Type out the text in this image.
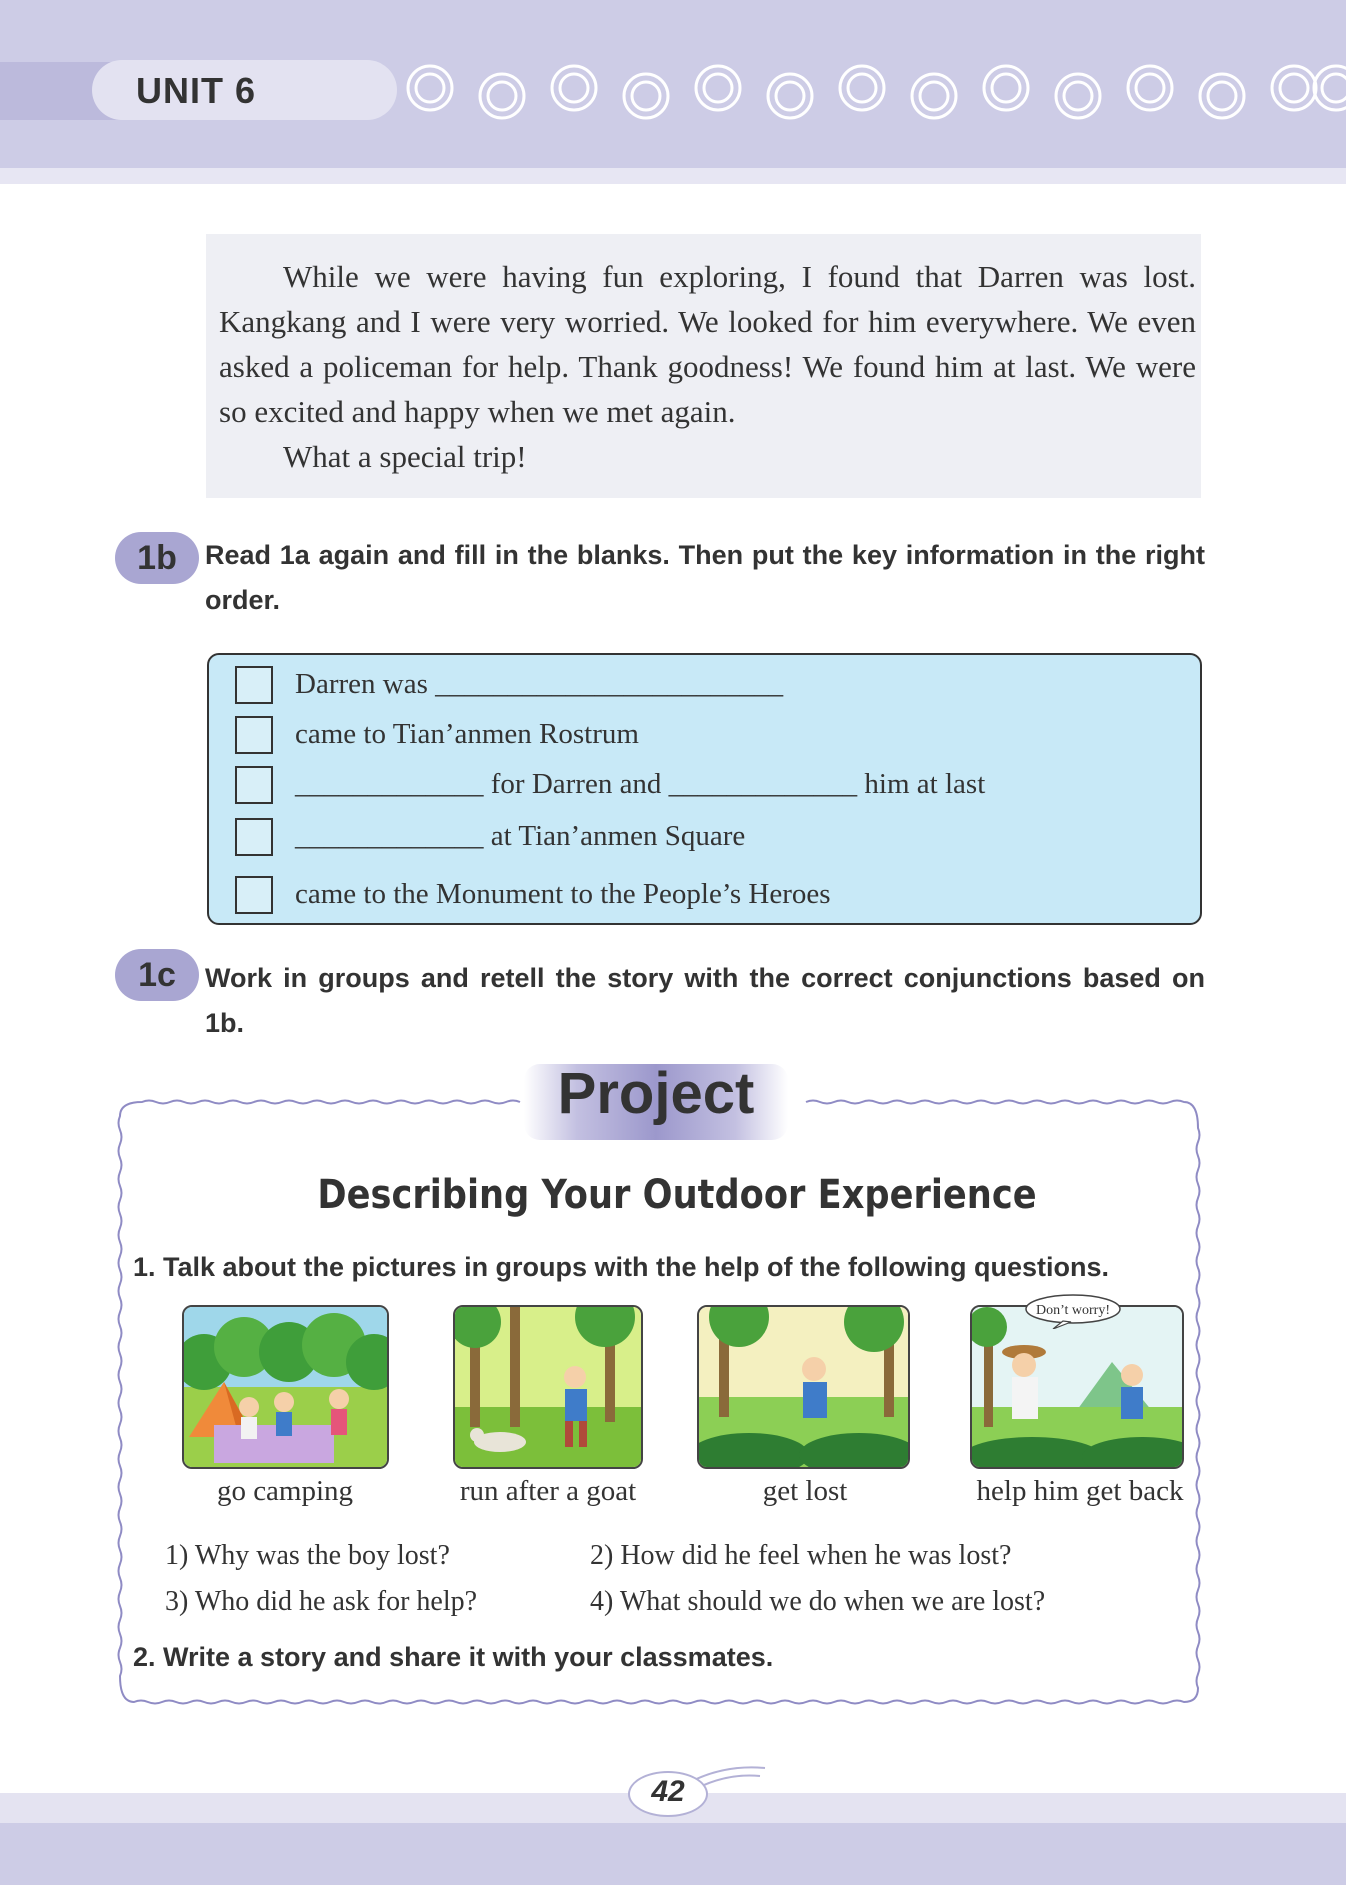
UNIT 6

While we were having fun exploring, I found that Darren was lost. Kangkang and I were very worried. We looked for him everywhere. We even asked a policeman for help. Thank goodness! We found him at last. We were so excited and happy when we met again.

What a special trip!

1b	Read 1a again and fill in the blanks. Then put the key information in the right order.
Darren was ________________________
came to Tian’anmen Rostrum
_____________ for Darren and _____________ him at last
_____________ at Tian’anmen Square
came to the Monument to the People’s Heroes
1c	Work in groups and retell the story with the correct conjunctions based on 1b.
Project
Describing Your Outdoor Experience
1. Talk about the pictures in groups with the help of the following questions.
Don’t worry!
go camping	run after a goat	get lost	help him get back
1) Why was the boy lost?	2) How did he feel when he was lost?
3) Who did he ask for help?	4) What should we do when we are lost?
2. Write a story and share it with your classmates.
42
